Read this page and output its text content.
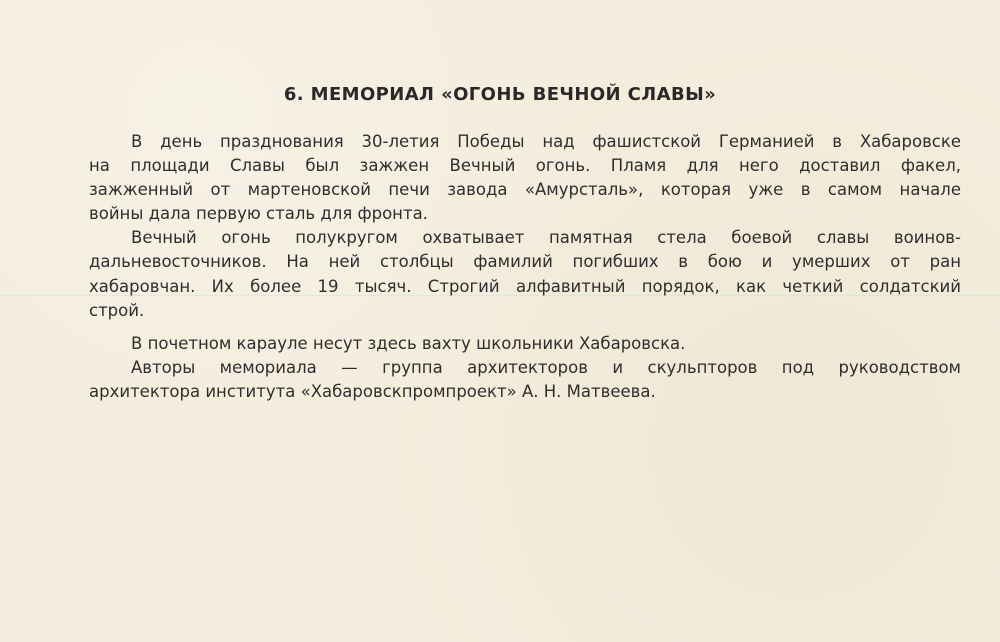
6. МЕМОРИАЛ «ОГОНЬ ВЕЧНОЙ СЛАВЫ»
В день празднования 30-летия Победы над фашистской Германией в Хабаровске
на площади Славы был зажжен Вечный огонь. Пламя для него доставил факел,
зажженный от мартеновской печи завода «Амурсталь», которая уже в самом начале
войны дала первую сталь для фронта.
Вечный огонь полукругом охватывает памятная стела боевой славы воинов-
дальневосточников. На ней столбцы фамилий погибших в бою и умерших от ран
хабаровчан. Их более 19 тысяч. Строгий алфавитный порядок, как четкий солдатский
строй.
В почетном карауле несут здесь вахту школьники Хабаровска.
Авторы мемориала — группа архитекторов и скульпторов под руководством
архитектора института «Хабаровскпромпроект» А. Н. Матвеева.
